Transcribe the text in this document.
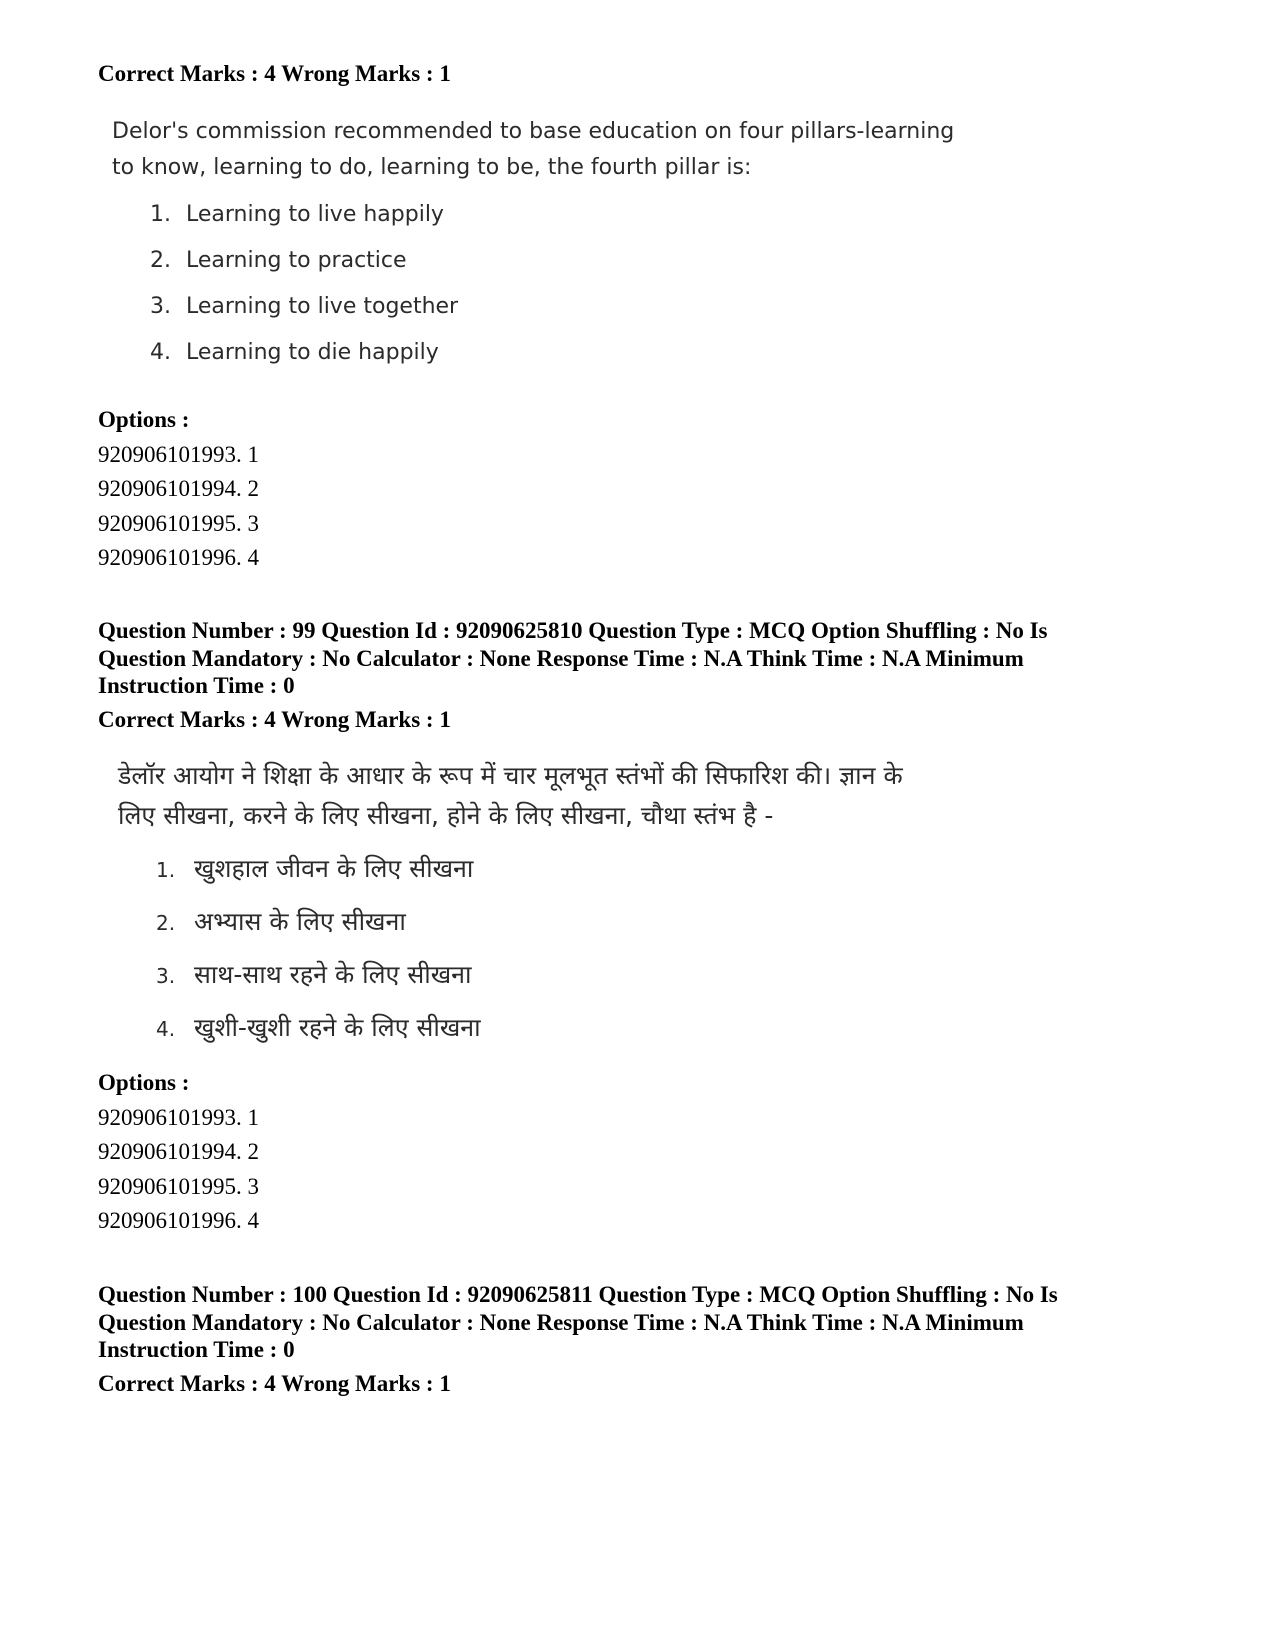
Correct Marks : 4 Wrong Marks : 1

Delor's commission recommended to base education on four pillars-learning
to know, learning to do, learning to be, the fourth pillar is:
1. Learning to live happily
2. Learning to practice
3. Learning to live together
4. Learning to die happily
Options :
920906101993. 1
920906101994. 2
920906101995. 3
920906101996. 4
Question Number : 99 Question Id : 92090625810 Question Type : MCQ Option Shuffling : No Is
Question Mandatory : No Calculator : None Response Time : N.A Think Time : N.A Minimum
Instruction Time : 0

Correct Marks : 4 Wrong Marks : 1

डेलॉर आयोग ने शिक्षा के आधार के रूप में चार मूलभूत स्तंभों की सिफारिश की। ज्ञान के
लिए सीखना, करने के लिए सीखना, होने के लिए सीखना, चौथा स्तंभ है -
1. खुशहाल जीवन के लिए सीखना
2. अभ्यास के लिए सीखना
3. साथ-साथ रहने के लिए सीखना
4. खुशी-खुशी रहने के लिए सीखना
Options :
920906101993. 1
920906101994. 2
920906101995. 3
920906101996. 4
Question Number : 100 Question Id : 92090625811 Question Type : MCQ Option Shuffling : No Is
Question Mandatory : No Calculator : None Response Time : N.A Think Time : N.A Minimum
Instruction Time : 0

Correct Marks : 4 Wrong Marks : 1
